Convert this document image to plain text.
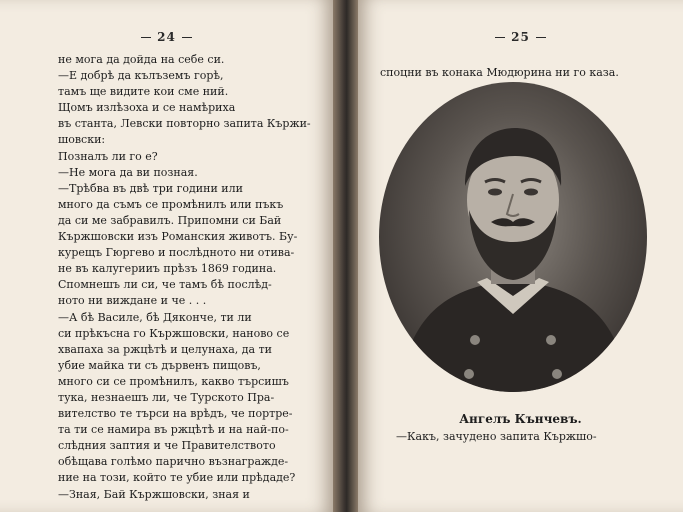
24

не мога да дойда на себе си.

—Е добрѣ да кълъземъ горѣ,

тамъ ще видите кои сме ний.

Щомъ излѣзоха и се намѣриха

въ станта, Левски повторно запита Кържи-

шовски:

Позналъ ли го е?

—Не мога да ви позная.

—Трѣбва въ двѣ три години или

много да съмъ се промѣнилъ или пъкъ

да си ме забравилъ. Припомни си Бай

Кържшовски изъ Романския животъ. Бу-

курещъ Гюргево и послѣдното ни отива-

не въ калугерииъ прѣзъ 1869 година.

Спомнешъ ли си, че тамъ бѣ послѣд-

ното ни виждане и че . . .

—А бѣ Василе, бѣ Дяконче, ти ли

си прѣкъсна го Кържшовски, наново се

хвапаха за ржцѣтѣ и целунаха, да ти

убие майка ти съ дървенъ пищовъ,

много си се промѣнилъ, какво търсишъ

тука, незнаешъ ли, че Турското Пра-

вителство те търси на врѣдъ, че портре-

та ти се намира въ ржцѣтѣ и на най-по-

слѣдния заптия и че Правителството

обѣщава голѣмо парично възнагражде-

ние на този, който те убие или прѣдаде?

—Зная, Бай Кържшовски, зная и

25
споцни въ конака Мюдюрина ни го каза.
Ангелъ Кънчевъ.
—Какъ, зачудено запита Кържшо-
